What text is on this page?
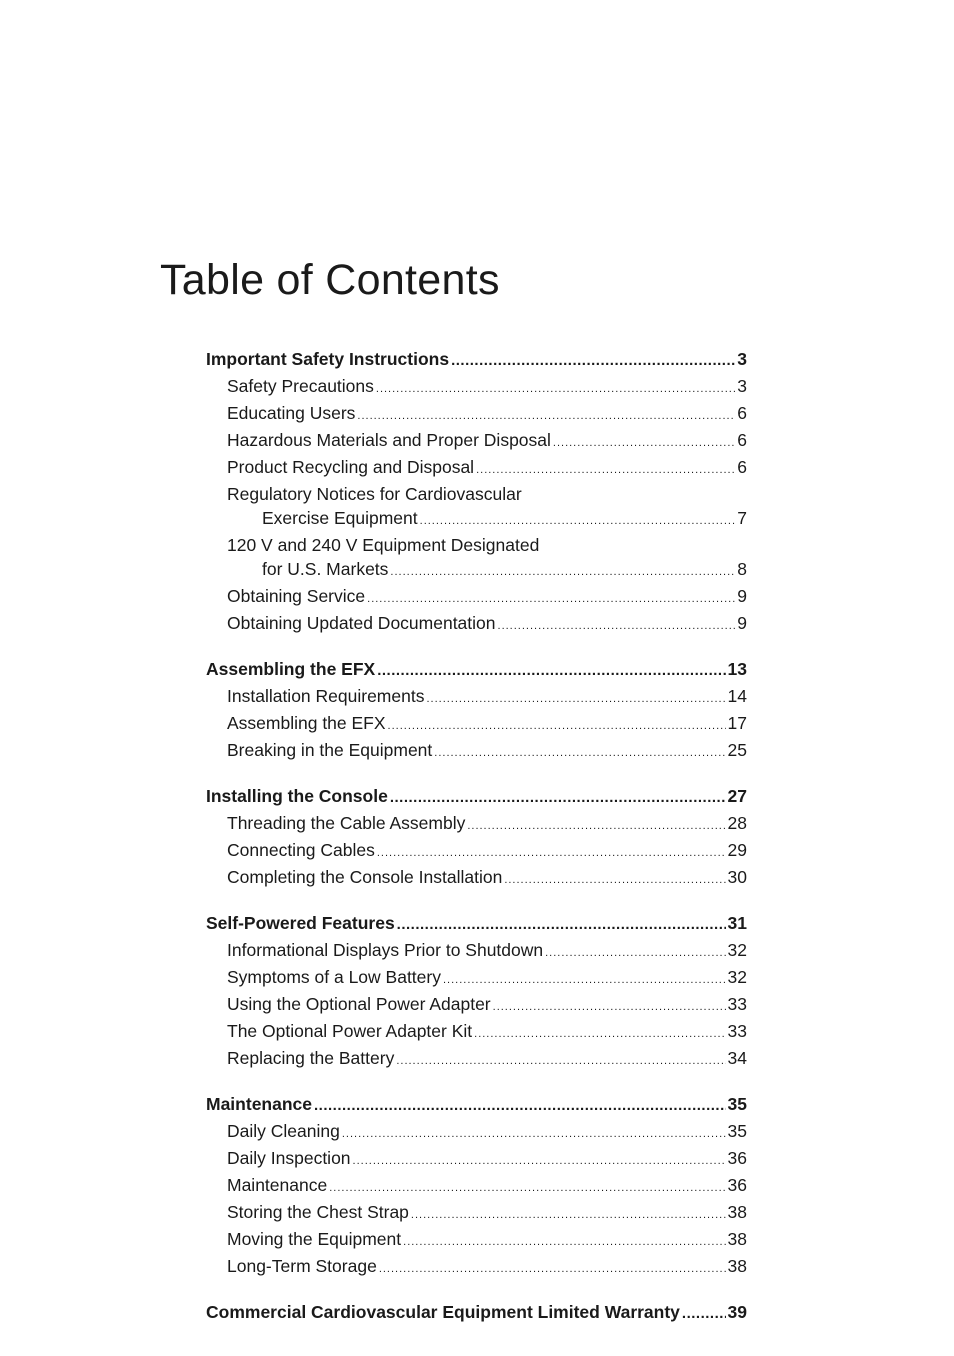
Table of Contents
Important Safety Instructions .....	3
Safety Precautions .....	3
Educating Users .....	6
Hazardous Materials and Proper Disposal .....	6
Product Recycling and Disposal .....	6
Regulatory Notices for Cardiovascular
Exercise Equipment .....	7
120 V and 240 V Equipment Designated
for U.S. Markets .....	8
Obtaining Service .....	9
Obtaining Updated Documentation .....	9
Assembling the EFX .....	13
Installation Requirements .....	14
Assembling the EFX .....	17
Breaking in the Equipment .....	25
Installing the Console .....	27
Threading the Cable Assembly .....	28
Connecting Cables .....	29
Completing the Console Installation .....	30
Self-Powered Features .....	31
Informational Displays Prior to Shutdown .....	32
Symptoms of a Low Battery .....	32
Using the Optional Power Adapter .....	33
The Optional Power Adapter Kit .....	33
Replacing the Battery .....	34
Maintenance .....	35
Daily Cleaning .....	35
Daily Inspection .....	36
Maintenance .....	36
Storing the Chest Strap .....	38
Moving the Equipment .....	38
Long-Term Storage .....	38
Commercial Cardiovascular Equipment Limited Warranty .....	39
